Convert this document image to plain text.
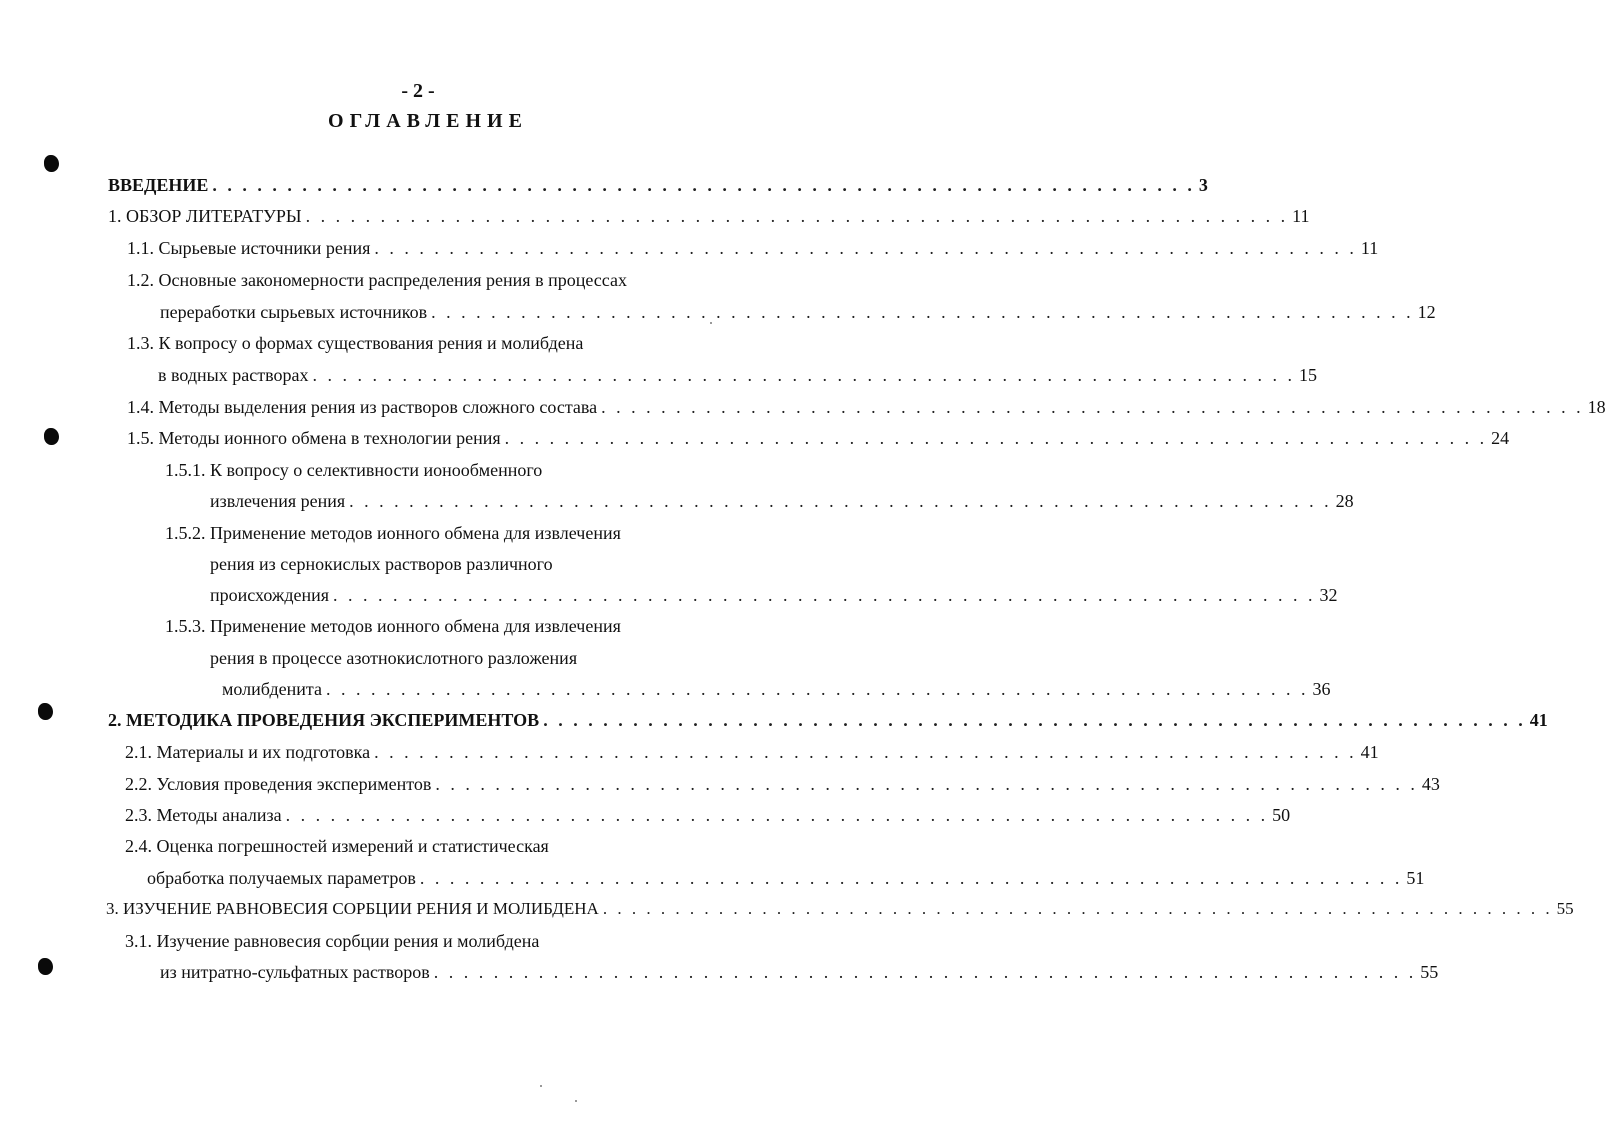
- 2 -
ОГЛАВЛЕНИЕ
ВВЕДЕНИЕ . . . . . . . . . . . . . . . . . . . . . . . . . . . . . . . . . . . . . . . . . . . . . . . . . . . . . . . . . . . . . . . . . . 3
1. ОБЗОР ЛИТЕРАТУРЫ . . . . . . . . . . . . . . . . . . . . . . . . . . . . . . . . . . . . . . . . . . . . . . . . . . . . . . . . . . . . . . . . . . 11
1.1. Сырьевые источники рения . . . . . . . . . . . . . . . . . . . . . . . . . . . . . . . . . . . . . . . . . . . . . . . . . . . . . . . . . . . . . . . . . . 11
1.2. Основные закономерности распределения рения в процессах
переработки сырьевых источников . . . . . . . . . . . . . . . . . . . . . . . . . . . . . . . . . . . . . . . . . . . . . . . . . . . . . . . . . . . . . . . . . . 12
1.3. К вопросу о формах существования рения и молибдена
в водных растворах . . . . . . . . . . . . . . . . . . . . . . . . . . . . . . . . . . . . . . . . . . . . . . . . . . . . . . . . . . . . . . . . . . 15
1.4. Методы выделения рения из растворов сложного состава . . . . . . . . . . . . . . . . . . . . . . . . . . . . . . . . . . . . . . . . . . . . . . . . . . . . . . . . . . . . . . . . . . 18
1.5. Методы ионного обмена в технологии рения . . . . . . . . . . . . . . . . . . . . . . . . . . . . . . . . . . . . . . . . . . . . . . . . . . . . . . . . . . . . . . . . . . 24
1.5.1. К вопросу о селективности ионообменного
извлечения рения . . . . . . . . . . . . . . . . . . . . . . . . . . . . . . . . . . . . . . . . . . . . . . . . . . . . . . . . . . . . . . . . . . 28
1.5.2. Применение методов ионного обмена для извлечения
рения из сернокислых растворов различного
происхождения . . . . . . . . . . . . . . . . . . . . . . . . . . . . . . . . . . . . . . . . . . . . . . . . . . . . . . . . . . . . . . . . . . 32
1.5.3. Применение методов ионного обмена для извлечения
рения в процессе азотнокислотного разложения
молибденита . . . . . . . . . . . . . . . . . . . . . . . . . . . . . . . . . . . . . . . . . . . . . . . . . . . . . . . . . . . . . . . . . . 36
2. МЕТОДИКА ПРОВЕДЕНИЯ ЭКСПЕРИМЕНТОВ . . . . . . . . . . . . . . . . . . . . . . . . . . . . . . . . . . . . . . . . . . . . . . . . . . . . . . . . . . . . . . . . . . 41
2.1. Материалы и их подготовка . . . . . . . . . . . . . . . . . . . . . . . . . . . . . . . . . . . . . . . . . . . . . . . . . . . . . . . . . . . . . . . . . . 41
2.2. Условия проведения экспериментов . . . . . . . . . . . . . . . . . . . . . . . . . . . . . . . . . . . . . . . . . . . . . . . . . . . . . . . . . . . . . . . . . . 43
2.3. Методы анализа . . . . . . . . . . . . . . . . . . . . . . . . . . . . . . . . . . . . . . . . . . . . . . . . . . . . . . . . . . . . . . . . . . 50
2.4. Оценка погрешностей измерений и статистическая
обработка получаемых параметров . . . . . . . . . . . . . . . . . . . . . . . . . . . . . . . . . . . . . . . . . . . . . . . . . . . . . . . . . . . . . . . . . . 51
3. ИЗУЧЕНИЕ РАВНОВЕСИЯ СОРБЦИИ РЕНИЯ И МОЛИБДЕНА . . . . . . . . . . . . . . . . . . . . . . . . . . . . . . . . . . . . . . . . . . . . . . . . . . . . . . . . . . . . . . . . . . 55
3.1. Изучение равновесия сорбции рения и молибдена
из нитратно-сульфатных растворов . . . . . . . . . . . . . . . . . . . . . . . . . . . . . . . . . . . . . . . . . . . . . . . . . . . . . . . . . . . . . . . . . . 55
